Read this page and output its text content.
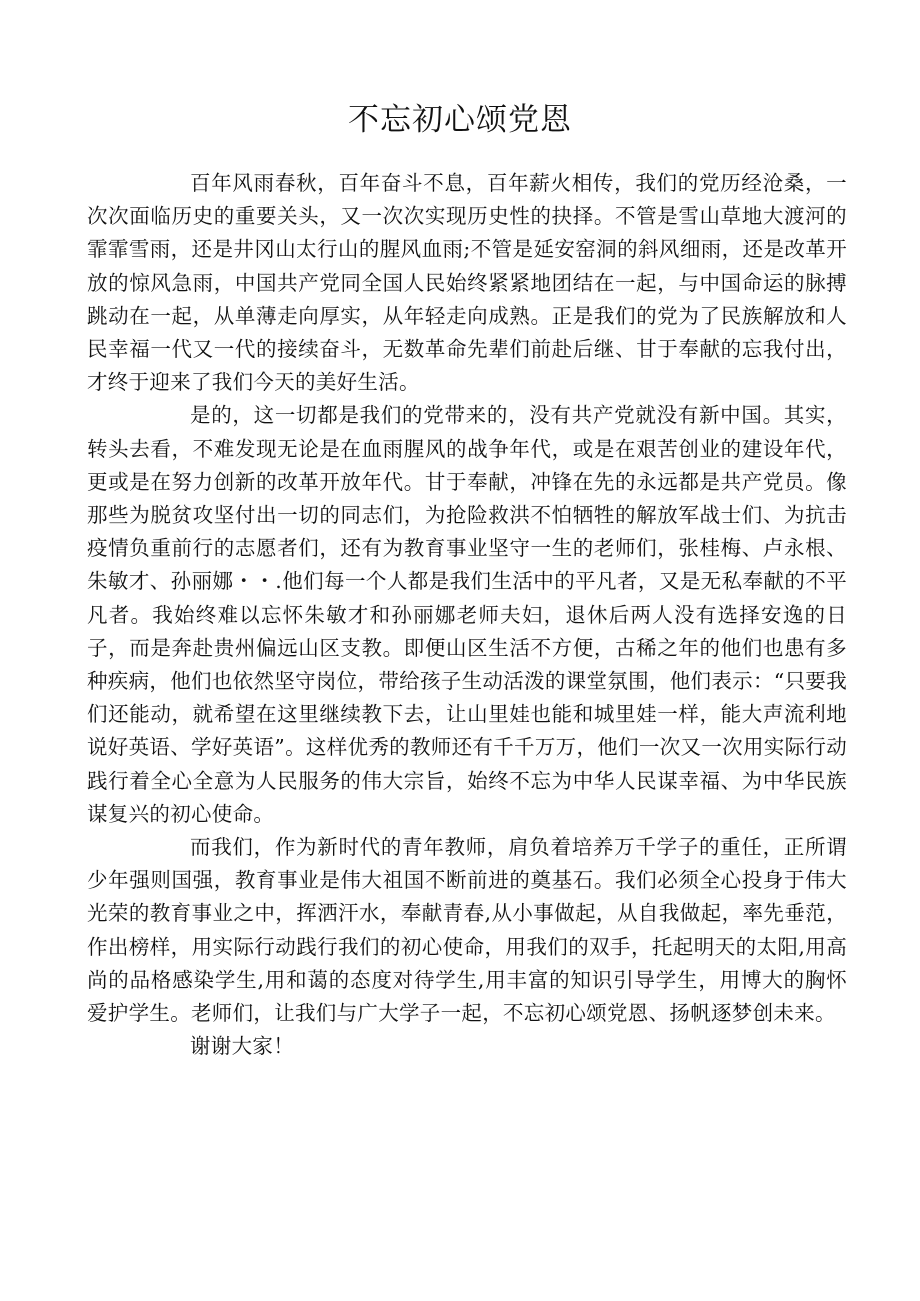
不忘初心颂党恩

百年风雨春秋，百年奋斗不息，百年薪火相传，我们的党历经沧桑，一次次面临历史的重要关头，又一次次实现历史性的抉择。不管是雪山草地大渡河的霏霏雪雨，还是井冈山太行山的腥风血雨;不管是延安窑洞的斜风细雨，还是改革开放的惊风急雨，中国共产党同全国人民始终紧紧地团结在一起，与中国命运的脉搏跳动在一起，从单薄走向厚实，从年轻走向成熟。正是我们的党为了民族解放和人民幸福一代又一代的接续奋斗，无数革命先辈们前赴后继、甘于奉献的忘我付出，才终于迎来了我们今天的美好生活。

是的，这一切都是我们的党带来的，没有共产党就没有新中国。其实，转头去看，不难发现无论是在血雨腥风的战争年代，或是在艰苦创业的建设年代，更或是在努力创新的改革开放年代。甘于奉献，冲锋在先的永远都是共产党员。像那些为脱贫攻坚付出一切的同志们，为抢险救洪不怕牺牲的解放军战士们、为抗击疫情负重前行的志愿者们，还有为教育事业坚守一生的老师们，张桂梅、卢永根、朱敏才、孙丽娜・・.他们每一个人都是我们生活中的平凡者，又是无私奉献的不平凡者。我始终难以忘怀朱敏才和孙丽娜老师夫妇，退休后两人没有选择安逸的日子，而是奔赴贵州偏远山区支教。即便山区生活不方便，古稀之年的他们也患有多种疾病，他们也依然坚守岗位，带给孩子生动活泼的课堂氛围，他们表示：“只要我们还能动，就希望在这里继续教下去，让山里娃也能和城里娃一样，能大声流利地说好英语、学好英语”。这样优秀的教师还有千千万万，他们一次又一次用实际行动践行着全心全意为人民服务的伟大宗旨，始终不忘为中华人民谋幸福、为中华民族谋复兴的初心使命。

而我们，作为新时代的青年教师，肩负着培养万千学子的重任，正所谓少年强则国强，教育事业是伟大祖国不断前进的奠基石。我们必须全心投身于伟大光荣的教育事业之中，挥洒汗水，奉献青春,从小事做起，从自我做起，率先垂范，作出榜样，用实际行动践行我们的初心使命，用我们的双手，托起明天的太阳,用高尚的品格感染学生,用和蔼的态度对待学生,用丰富的知识引导学生，用博大的胸怀爱护学生。老师们，让我们与广大学子一起，不忘初心颂党恩、扬帆逐梦创未来。

谢谢大家！
